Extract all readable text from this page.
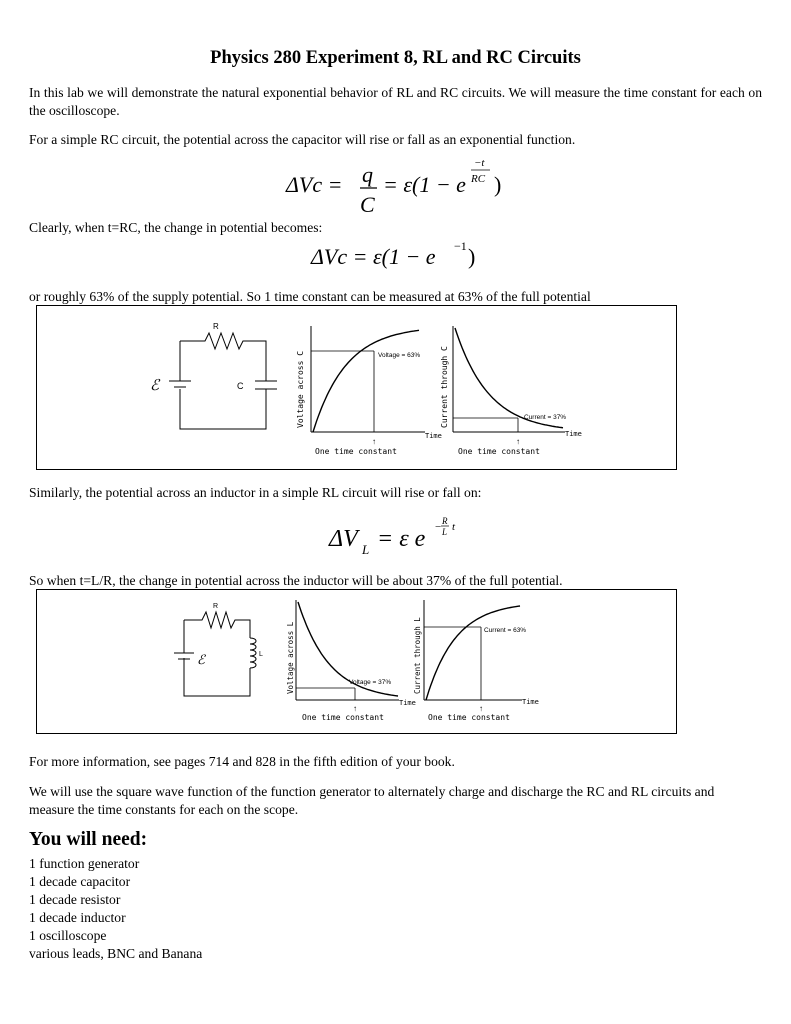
Physics 280 Experiment 8, RL and RC Circuits
In this lab we will demonstrate the natural exponential behavior of RL and RC circuits. We will measure the time constant for each on the oscilloscope.
For a simple RC circuit, the potential across the capacitor will rise or fall as an exponential function.
ΔVc = q
C
= ε(1 − e
−t
RC )
Clearly, when t=RC, the change in potential becomes:
ΔVc = ε(1 − e −1 )
or roughly 63% of the supply potential. So 1 time constant can be measured at 63% of the full potential
R
C
ℰ
Voltage = 63%
Time
↑
One time constant
Voltage across C	Current = 37%
Time
↑
One time constant
Current through C
Similarly, the potential across an inductor in a simple RL circuit will rise or fall on:
ΔV L = ε e − R
L t
So when t=L/R, the change in potential across the inductor will be about 37% of the full potential.
R
L
ℰ
Voltage = 37%
Time
↑
One time constant
Voltage across L	Current = 63%
Time
↑
One time constant
Current through L
For more information, see pages 714 and 828 in the fifth edition of your book.
We will use the square wave function of the function generator to alternately charge and discharge the RC and RL circuits and measure the time constants for each on the scope.
You will need:
1 function generator
1 decade capacitor
1 decade resistor
1 decade inductor
1 oscilloscope
various leads, BNC and Banana
